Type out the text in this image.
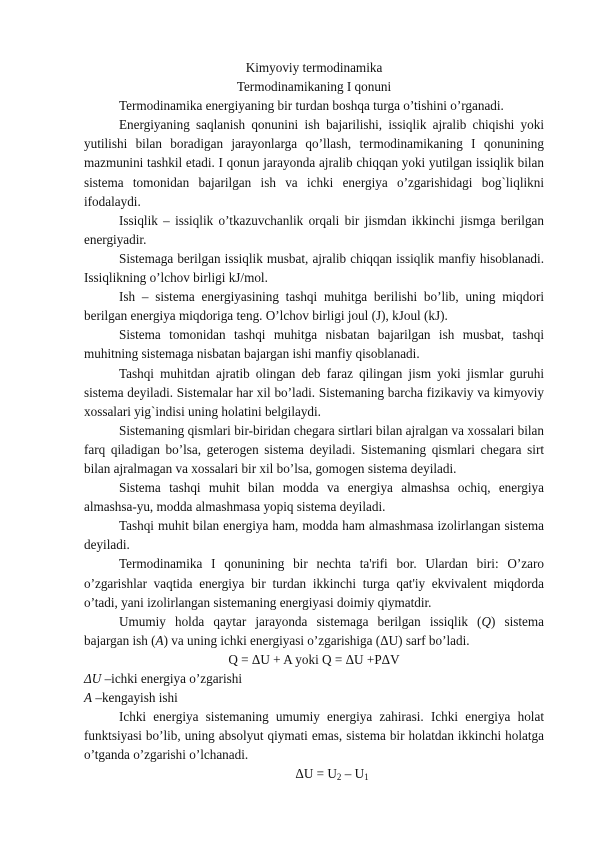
Kimyoviy termodinamika
Termodinamikaning I qonuni

Termodinamika energiyaning bir turdan boshqa turga o’tishini o’rganadi.

Energiyaning saqlanish qonunini ish bajarilishi, issiqlik ajralib chiqishi yoki yutilishi bilan boradigan jarayonlarga qo’llash, termodinamikaning I qonunining mazmunini tashkil etadi. I qonun jarayonda ajralib chiqqan yoki yutilgan issiqlik bilan sistema tomonidan bajarilgan ish va ichki energiya o’zgarishidagi bog`liqlikni ifodalaydi.

Issiqlik – issiqlik o’tkazuvchanlik orqali bir jismdan ikkinchi jismga berilgan energiyadir.

Sistemaga berilgan issiqlik musbat, ajralib chiqqan issiqlik manfiy hisoblanadi. Issiqlikning o’lchov birligi kJ/mol.

Ish – sistema energiyasining tashqi muhitga berilishi bo’lib, uning miqdori berilgan energiya miqdoriga teng. O’lchov birligi joul (J), kJoul (kJ).

Sistema tomonidan tashqi muhitga nisbatan bajarilgan ish musbat, tashqi muhitning sistemaga nisbatan bajargan ishi manfiy qisoblanadi.

Tashqi muhitdan ajratib olingan deb faraz qilingan jism yoki jismlar guruhi sistema deyiladi. Sistemalar har xil bo’ladi. Sistemaning barcha fizikaviy va kimyoviy xossalari yig`indisi uning holatini belgilaydi.

Sistemaning qismlari bir-biridan chegara sirtlari bilan ajralgan va xossalari bilan farq qiladigan bo’lsa, geterogen sistema deyiladi. Sistemaning qismlari chegara sirt bilan ajralmagan va xossalari bir xil bo’lsa, gomogen sistema deyiladi.

Sistema tashqi muhit bilan modda va energiya almashsa ochiq, energiya almashsa-yu, modda almashmasa yopiq sistema deyiladi.

Tashqi muhit bilan energiya ham, modda ham almashmasa izolirlangan sistema deyiladi.

Termodinamika I qonunining bir nechta ta'rifi bor. Ulardan biri: O’zaro o’zgarishlar vaqtida energiya bir turdan ikkinchi turga qat'iy ekvivalent miqdorda o’tadi, yani izolirlangan sistemaning energiyasi doimiy qiymatdir.

Umumiy holda qaytar jarayonda sistemaga berilgan issiqlik (Q) sistema bajargan ish (A) va uning ichki energiyasi o’zgarishiga (ΔU) sarf bo’ladi.

Q = ΔU + A yoki Q = ΔU +PΔV

ΔU –ichki energiya o’zgarishi

A –kengayish ishi

Ichki energiya sistemaning umumiy energiya zahirasi. Ichki energiya holat funktsiyasi bo’lib, uning absolyut qiymati emas, sistema bir holatdan ikkinchi holatga o’tganda o’zgarishi o’lchanadi.

$\Delta U = U_2 - U_1$
